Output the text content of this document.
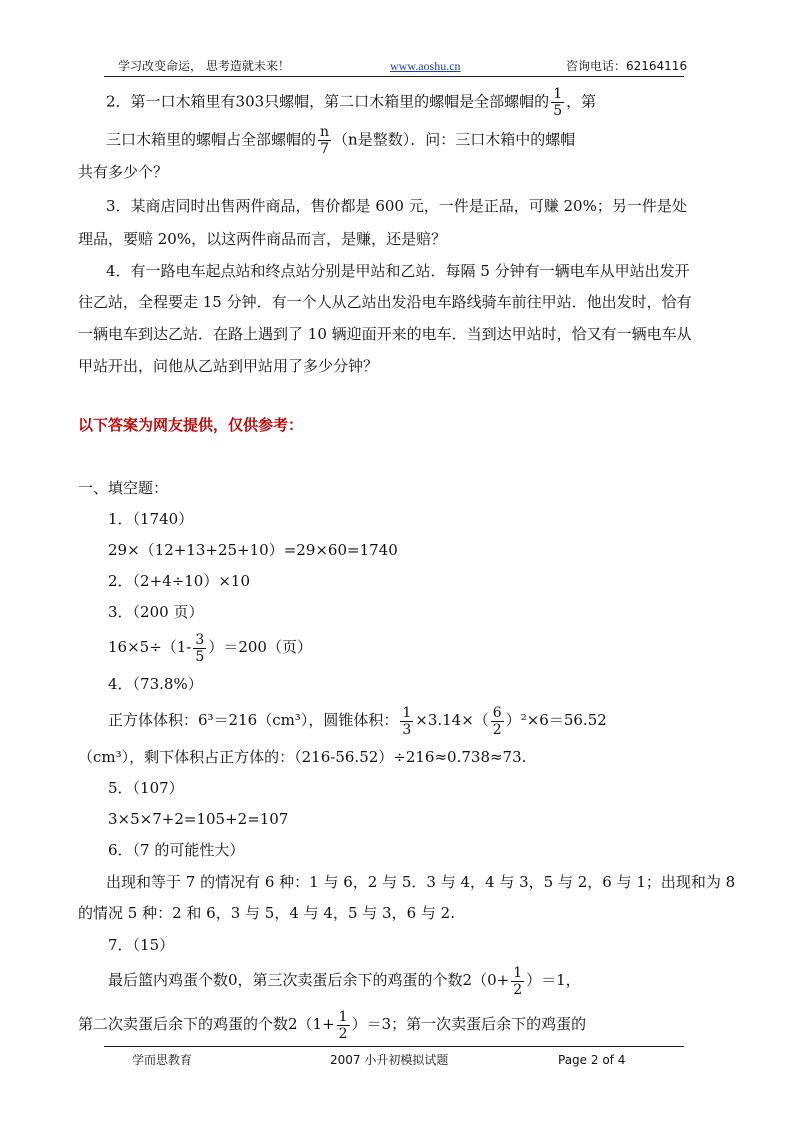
学习改变命运， 思考造就未来！	www.aoshu.cn	咨询电话：62164116
2．第一口木箱里有303只螺帽，第二口木箱里的螺帽是全部螺帽的 $\frac{1}{5}$ ，第
三口木箱里的螺帽占全部螺帽的 $\frac{n}{7} (n$是整数）．问：三口木箱中的螺帽
共有多少个？
3．某商店同时出售两件商品，售价都是 600 元，一件是正品，可赚 20%；另一件是处
理品，要赔 20%，以这两件商品而言，是赚，还是赔？
4．有一路电车起点站和终点站分别是甲站和乙站．每隔 5 分钟有一辆电车从甲站出发开
往乙站，全程要走 15 分钟．有一个人从乙站出发沿电车路线骑车前往甲站．他出发时，恰有
一辆电车到达乙站．在路上遇到了 10 辆迎面开来的电车．当到达甲站时，恰又有一辆电车从
甲站开出，问他从乙站到甲站用了多少分钟？
以下答案为网友提供，仅供参考：
一、填空题：
1．（1740）
29×（12+13+25+10）=29×60=1740
2．（2+4÷10）×10
3．（200 页）
$16\times 5\div(1- \frac{3}{5} )=200$（页）
4．（73.8%）
正方体体积：6³＝216（cm³），圆锥体积： $\frac{1}{3} \times 3.14\times( \frac{6}{2} )^2\times 6=56.52$
（cm³），剩下体积占正方体的：（216-56.52）÷216≈0.738≈73.
5．（107）
3×5×7+2=105+2=107
6．（7 的可能性大）
出现和等于 7 的情况有 6 种：1 与 6，2 与 5．3 与 4，4 与 3，5 与 2，6 与 1；出现和为 8
的情况 5 种：2 和 6，3 与 5，4 与 4，5 与 3，6 与 2.
7．（15）
最后篮内鸡蛋个数0，第三次卖蛋后余下的鸡蛋的个数$2(0+ \frac{1}{2} )=1$，
第二次卖蛋后余下的鸡蛋的个数$2(1+ \frac{1}{2} )=3$；第一次卖蛋后余下的鸡蛋的
学而思教育	2007 小升初模拟试题	Page 2 of 4
